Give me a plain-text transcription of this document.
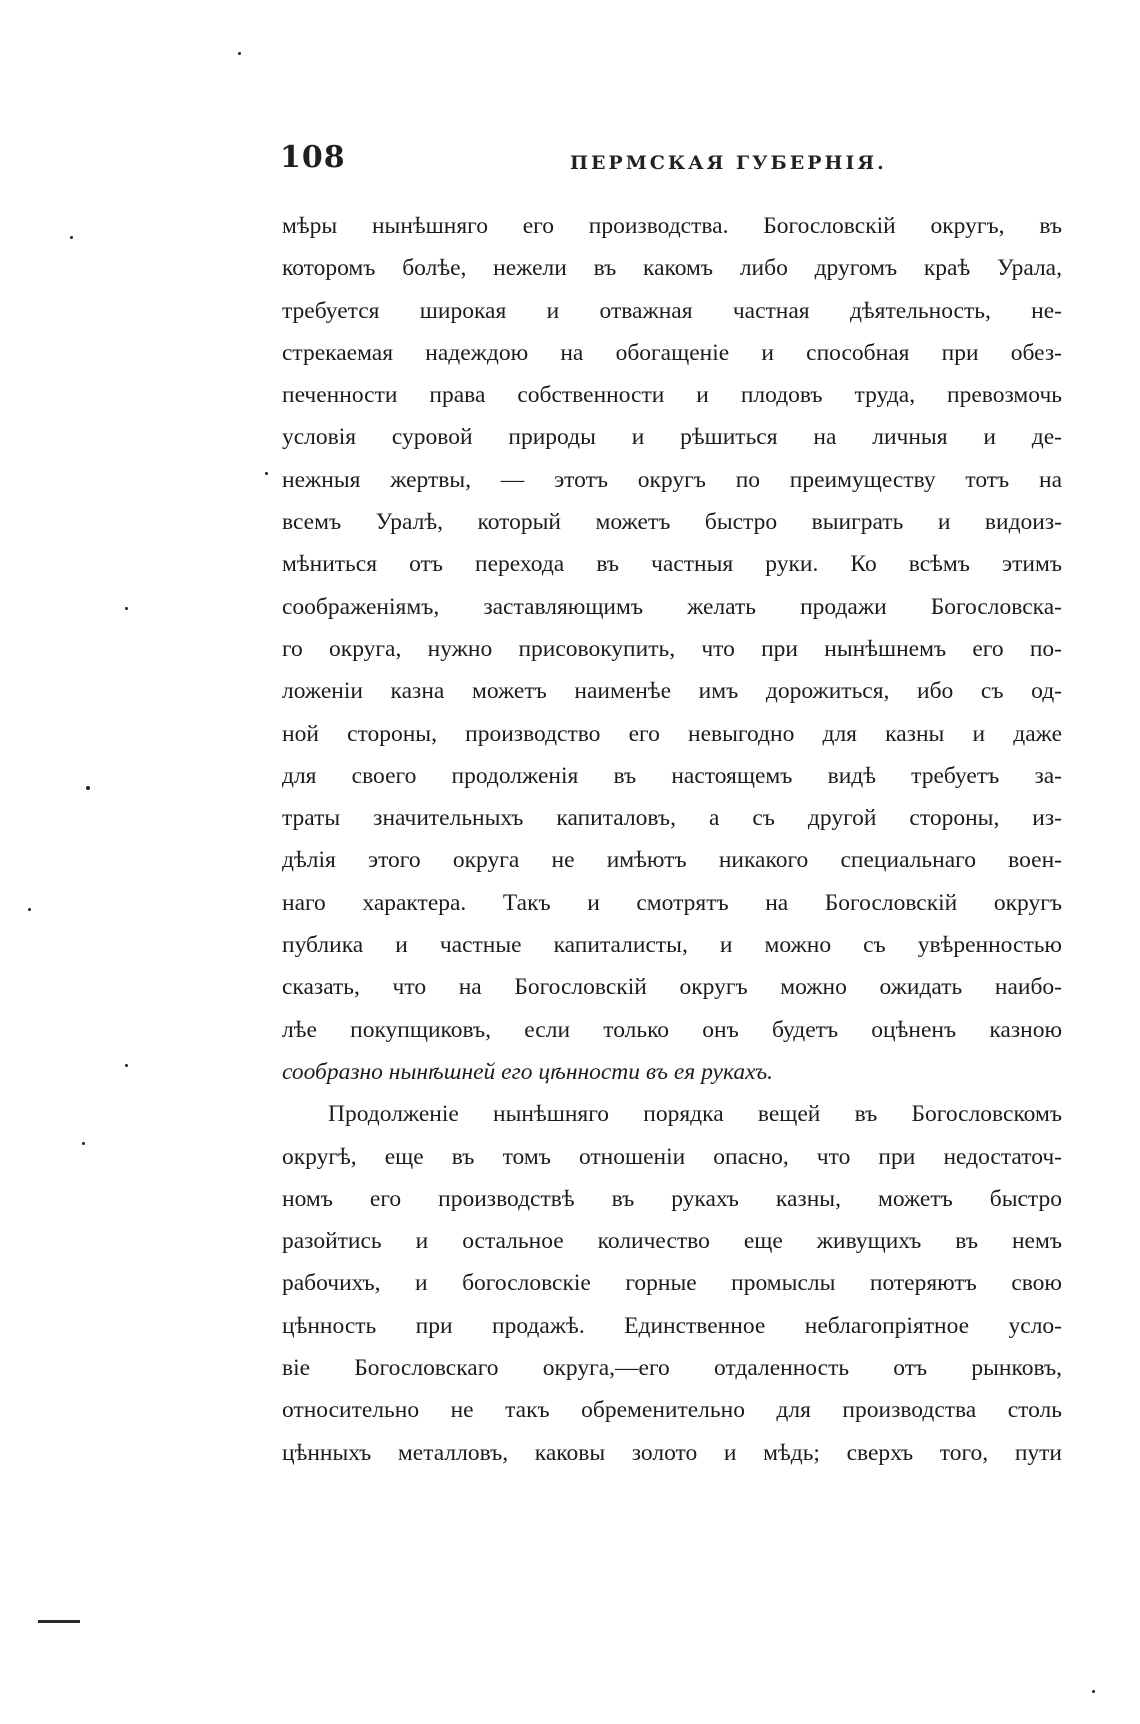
108	ПЕРМСКАЯ ГУБЕРНІЯ.
мѣры нынѣшняго его производства. Богословскій округъ, въ
которомъ болѣе, нежели въ какомъ либо другомъ краѣ Урала,
требуется широкая и отважная частная дѣятельность, не-
стрекаемая надеждою на обогащеніе и способная при обез-
печенности права собственности и плодовъ труда, превозмочь
условія суровой природы и рѣшиться на личныя и де-
нежныя жертвы, — этотъ округъ по преимуществу тотъ на
всемъ Уралѣ, который можетъ быстро выиграть и видоиз-
мѣниться отъ перехода въ частныя руки. Ко всѣмъ этимъ
соображеніямъ, заставляющимъ желать продажи Богословска-
го округа, нужно присовокупить, что при нынѣшнемъ его по-
ложеніи казна можетъ наименѣе имъ дорожиться, ибо съ од-
ной стороны, производство его невыгодно для казны и даже
для своего продолженія въ настоящемъ видѣ требуетъ за-
траты значительныхъ капиталовъ, а съ другой стороны, из-
дѣлія этого округа не имѣютъ никакого специальнаго воен-
наго характера. Такъ и смотрятъ на Богословскій округъ
публика и частные капиталисты, и можно съ увѣренностью
сказать, что на Богословскій округъ можно ожидать наибо-
лѣе покупщиковъ, если только онъ будетъ оцѣненъ казною
сообразно нынѣшней его цѣнности въ ея рукахъ.
Продолженіе нынѣшняго порядка вещей въ Богословскомъ
округѣ, еще въ томъ отношеніи опасно, что при недостаточ-
номъ его производствѣ въ рукахъ казны, можетъ быстро
разойтись и остальное количество еще живущихъ въ немъ
рабочихъ, и богословскіе горные промыслы потеряютъ свою
цѣнность при продажѣ. Единственное неблагопріятное усло-
віе Богословскаго округа,—его отдаленность отъ рынковъ,
относительно не такъ обременительно для производства столь
цѣнныхъ металловъ, каковы золото и мѣдь; сверхъ того, пути
